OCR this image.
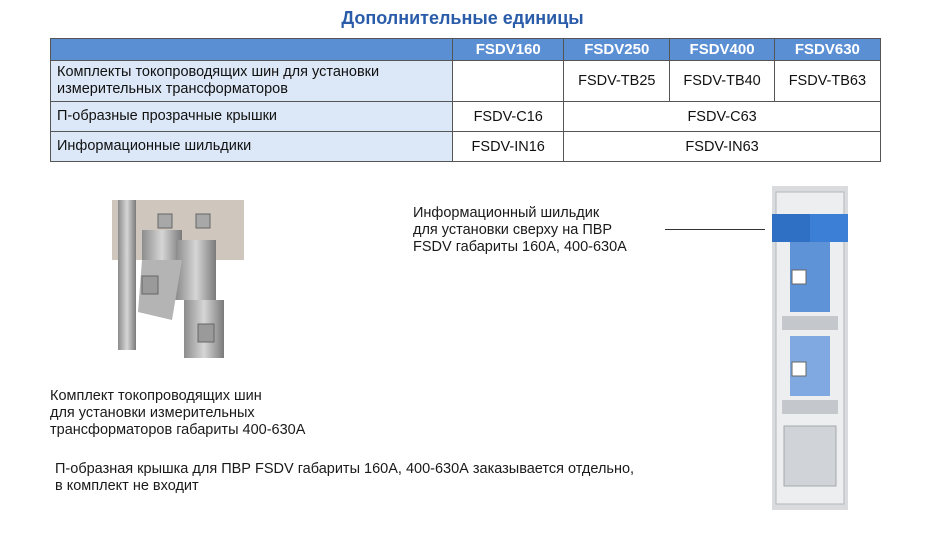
Дополнительные единицы
	FSDV160	FSDV250	FSDV400	FSDV630

Комплекты токопроводящих шин для установки
измерительных трансформаторов		FSDV-TB25	FSDV-TB40	FSDV-TB63
П-образные прозрачные крышки	FSDV-C16	FSDV-C63		
Информационные шильдики	FSDV-IN16	FSDV-IN63		
Информационный шильдик
для установки сверху на ПВР
FSDV габариты 160А, 400-630А
Комплект токопроводящих шин
для установки измерительных
трансформаторов габариты 400-630А
П-образная крышка для ПВР FSDV габариты 160А, 400-630А заказывается отдельно,
в комплект не входит
